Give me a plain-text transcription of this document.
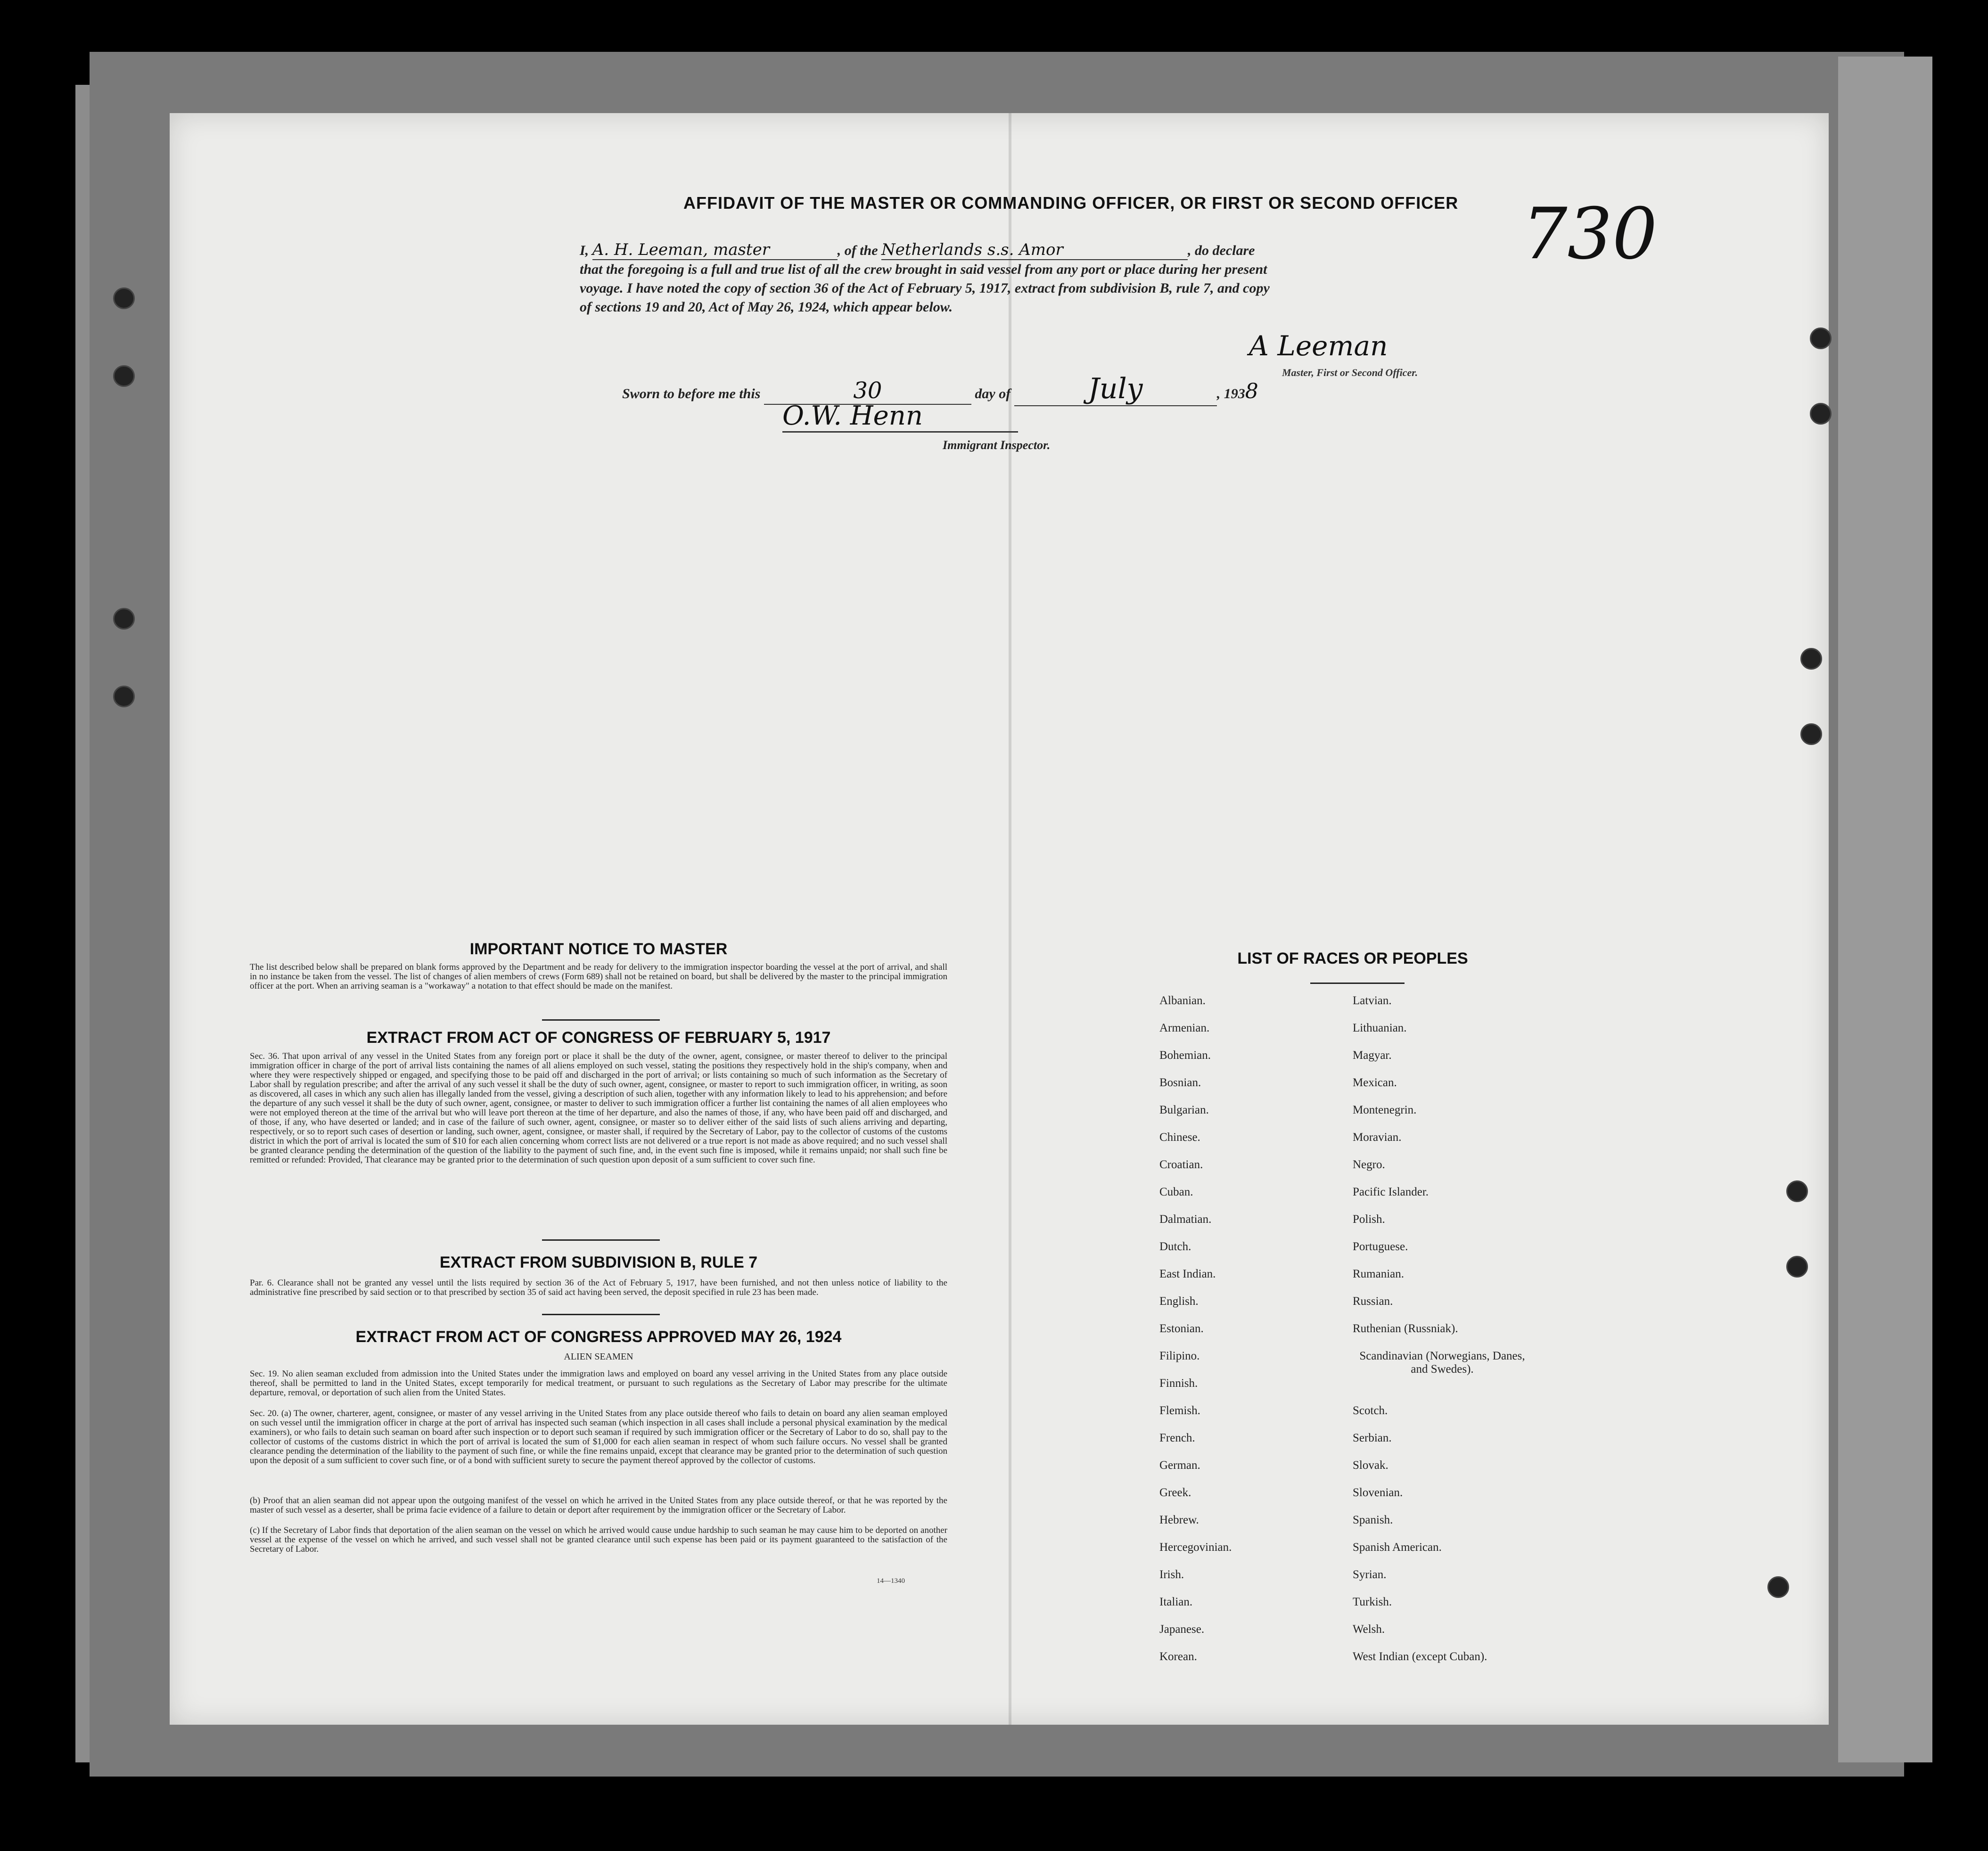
AFFIDAVIT OF THE MASTER OR COMMANDING OFFICER, OR FIRST OR SECOND OFFICER
I, A. H. Leeman, master	, of the Netherlands s.s. Amor	, do declare
that the foregoing is a full and true list of all the crew brought in said vessel from any port or place during her present
voyage. I have noted the copy of section 36 of the Act of February 5, 1917, extract from subdivision B, rule 7, and copy
of sections 19 and 20, Act of May 26, 1924, which appear below.
A Leeman
Master, First or Second Officer.
Sworn to before me this	30	day of	July	, 1938
O.W. Henn
Immigrant Inspector.
730
IMPORTANT NOTICE TO MASTER
The list described below shall be prepared on blank forms approved by the Department and be ready for delivery to the immigration inspector boarding the vessel at the port of arrival, and shall in no instance be taken from the vessel. The list of changes of alien members of crews (Form 689) shall not be retained on board, but shall be delivered by the master to the principal immigration officer at the port. When an arriving seaman is a "workaway" a notation to that effect should be made on the manifest.
EXTRACT FROM ACT OF CONGRESS OF FEBRUARY 5, 1917
Sec. 36. That upon arrival of any vessel in the United States from any foreign port or place it shall be the duty of the owner, agent, consignee, or master thereof to deliver to the principal immigration officer in charge of the port of arrival lists containing the names of all aliens employed on such vessel, stating the positions they respectively hold in the ship's company, when and where they were respectively shipped or engaged, and specifying those to be paid off and discharged in the port of arrival; or lists containing so much of such information as the Secretary of Labor shall by regulation prescribe; and after the arrival of any such vessel it shall be the duty of such owner, agent, consignee, or master to report to such immigration officer, in writing, as soon as discovered, all cases in which any such alien has illegally landed from the vessel, giving a description of such alien, together with any information likely to lead to his apprehension; and before the departure of any such vessel it shall be the duty of such owner, agent, consignee, or master to deliver to such immigration officer a further list containing the names of all alien employees who were not employed thereon at the time of the arrival but who will leave port thereon at the time of her departure, and also the names of those, if any, who have been paid off and discharged, and of those, if any, who have deserted or landed; and in case of the failure of such owner, agent, consignee, or master so to deliver either of the said lists of such aliens arriving and departing, respectively, or so to report such cases of desertion or landing, such owner, agent, consignee, or master shall, if required by the Secretary of Labor, pay to the collector of customs of the customs district in which the port of arrival is located the sum of $10 for each alien concerning whom correct lists are not delivered or a true report is not made as above required; and no such vessel shall be granted clearance pending the determination of the question of the liability to the payment of such fine, and, in the event such fine is imposed, while it remains unpaid; nor shall such fine be remitted or refunded: Provided, That clearance may be granted prior to the determination of such question upon deposit of a sum sufficient to cover such fine.
EXTRACT FROM SUBDIVISION B, RULE 7
Par. 6. Clearance shall not be granted any vessel until the lists required by section 36 of the Act of February 5, 1917, have been furnished, and not then unless notice of liability to the administrative fine prescribed by said section or to that prescribed by section 35 of said act having been served, the deposit specified in rule 23 has been made.
EXTRACT FROM ACT OF CONGRESS APPROVED MAY 26, 1924
ALIEN SEAMEN
Sec. 19. No alien seaman excluded from admission into the United States under the immigration laws and employed on board any vessel arriving in the United States from any place outside thereof, shall be permitted to land in the United States, except temporarily for medical treatment, or pursuant to such regulations as the Secretary of Labor may prescribe for the ultimate departure, removal, or deportation of such alien from the United States.
Sec. 20. (a) The owner, charterer, agent, consignee, or master of any vessel arriving in the United States from any place outside thereof who fails to detain on board any alien seaman employed on such vessel until the immigration officer in charge at the port of arrival has inspected such seaman (which inspection in all cases shall include a personal physical examination by the medical examiners), or who fails to detain such seaman on board after such inspection or to deport such seaman if required by such immigration officer or the Secretary of Labor to do so, shall pay to the collector of customs of the customs district in which the port of arrival is located the sum of $1,000 for each alien seaman in respect of whom such failure occurs. No vessel shall be granted clearance pending the determination of the liability to the payment of such fine, or while the fine remains unpaid, except that clearance may be granted prior to the determination of such question upon the deposit of a sum sufficient to cover such fine, or of a bond with sufficient surety to secure the payment thereof approved by the collector of customs.
(b) Proof that an alien seaman did not appear upon the outgoing manifest of the vessel on which he arrived in the United States from any place outside thereof, or that he was reported by the master of such vessel as a deserter, shall be prima facie evidence of a failure to detain or deport after requirement by the immigration officer or the Secretary of Labor.
(c) If the Secretary of Labor finds that deportation of the alien seaman on the vessel on which he arrived would cause undue hardship to such seaman he may cause him to be deported on another vessel at the expense of the vessel on which he arrived, and such vessel shall not be granted clearance until such expense has been paid or its payment guaranteed to the satisfaction of the Secretary of Labor.
14—1340
LIST OF RACES OR PEOPLES
Albanian.
Armenian.
Bohemian.
Bosnian.
Bulgarian.
Chinese.
Croatian.
Cuban.
Dalmatian.
Dutch.
East Indian.
English.
Estonian.
Filipino.
Finnish.
Flemish.
French.
German.
Greek.
Hebrew.
Hercegovinian.
Irish.
Italian.
Japanese.
Korean.
Latvian.
Lithuanian.
Magyar.
Mexican.
Montenegrin.
Moravian.
Negro.
Pacific Islander.
Polish.
Portuguese.
Rumanian.
Russian.
Ruthenian (Russniak).
Scandinavian (Norwegians, Danes, and Swedes).
Scotch.
Serbian.
Slovak.
Slovenian.
Spanish.
Spanish American.
Syrian.
Turkish.
Welsh.
West Indian (except Cuban).
